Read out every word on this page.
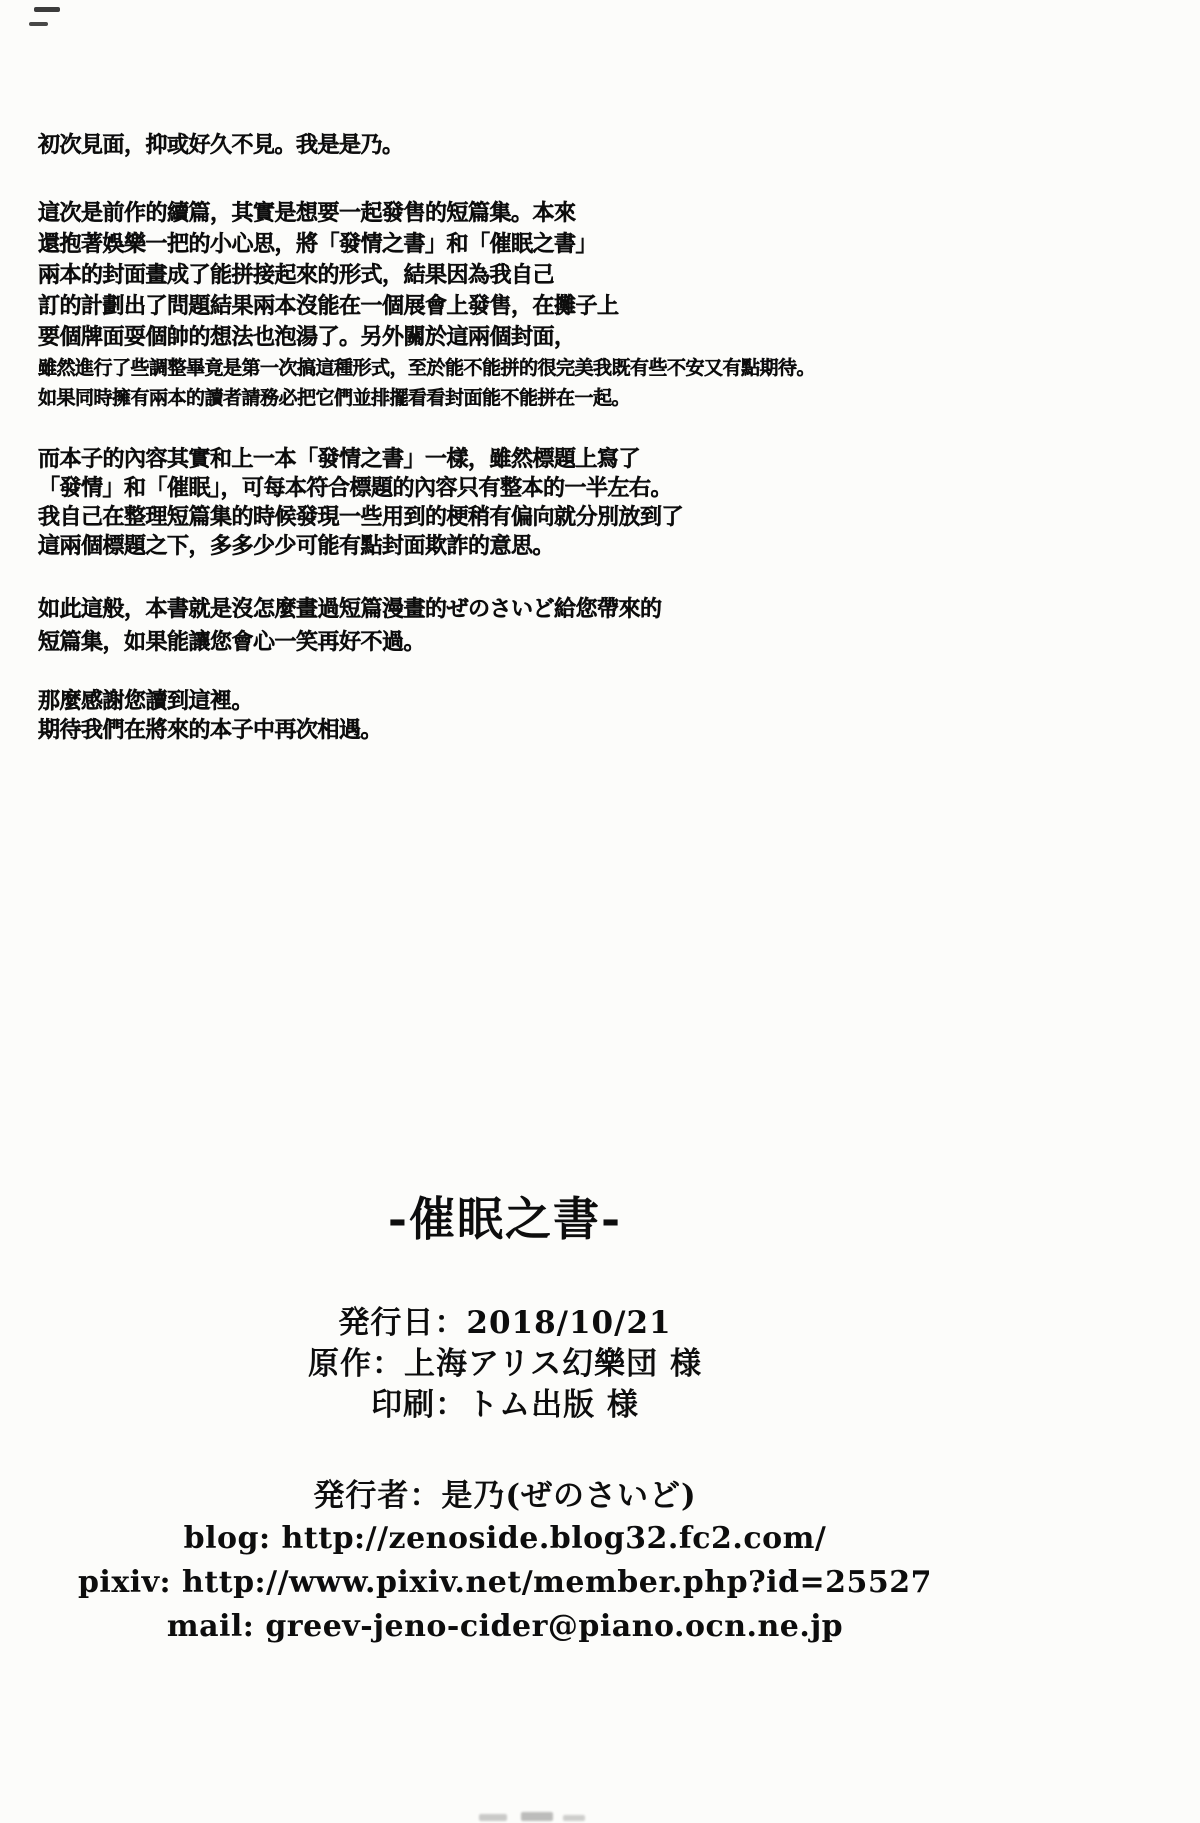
初次見面，抑或好久不見。我是是乃。
這次是前作的續篇，其實是想要一起發售的短篇集。本來
還抱著娛樂一把的小心思，將「發情之書」和「催眠之書」
兩本的封面畫成了能拼接起來的形式，結果因為我自己
訂的計劃出了問題結果兩本沒能在一個展會上發售，在攤子上
要個牌面耍個帥的想法也泡湯了。另外關於這兩個封面，
雖然進行了些調整畢竟是第一次搞這種形式，至於能不能拼的很完美我既有些不安又有點期待。
如果同時擁有兩本的讀者請務必把它們並排擺看看封面能不能拼在一起。
而本子的內容其實和上一本「發情之書」一樣，雖然標題上寫了
「發情」和「催眠」，可每本符合標題的內容只有整本的一半左右。
我自己在整理短篇集的時候發現一些用到的梗稍有偏向就分別放到了
這兩個標題之下，多多少少可能有點封面欺詐的意思。
如此這般，本書就是沒怎麼畫過短篇漫畫的ぜのさいど給您帶來的
短篇集，如果能讓您會心一笑再好不過。
那麼感謝您讀到這裡。
期待我們在將來的本子中再次相遇。
-催眠之書-
発行日：2018/10/21
原作：上海アリス幻樂団 様
印刷：トム出版 様
発行者：是乃(ぜのさいど)
blog: http://zenoside.blog32.fc2.com/
pixiv: http://www.pixiv.net/member.php?id=25527
mail: greev-jeno-cider@piano.ocn.ne.jp
